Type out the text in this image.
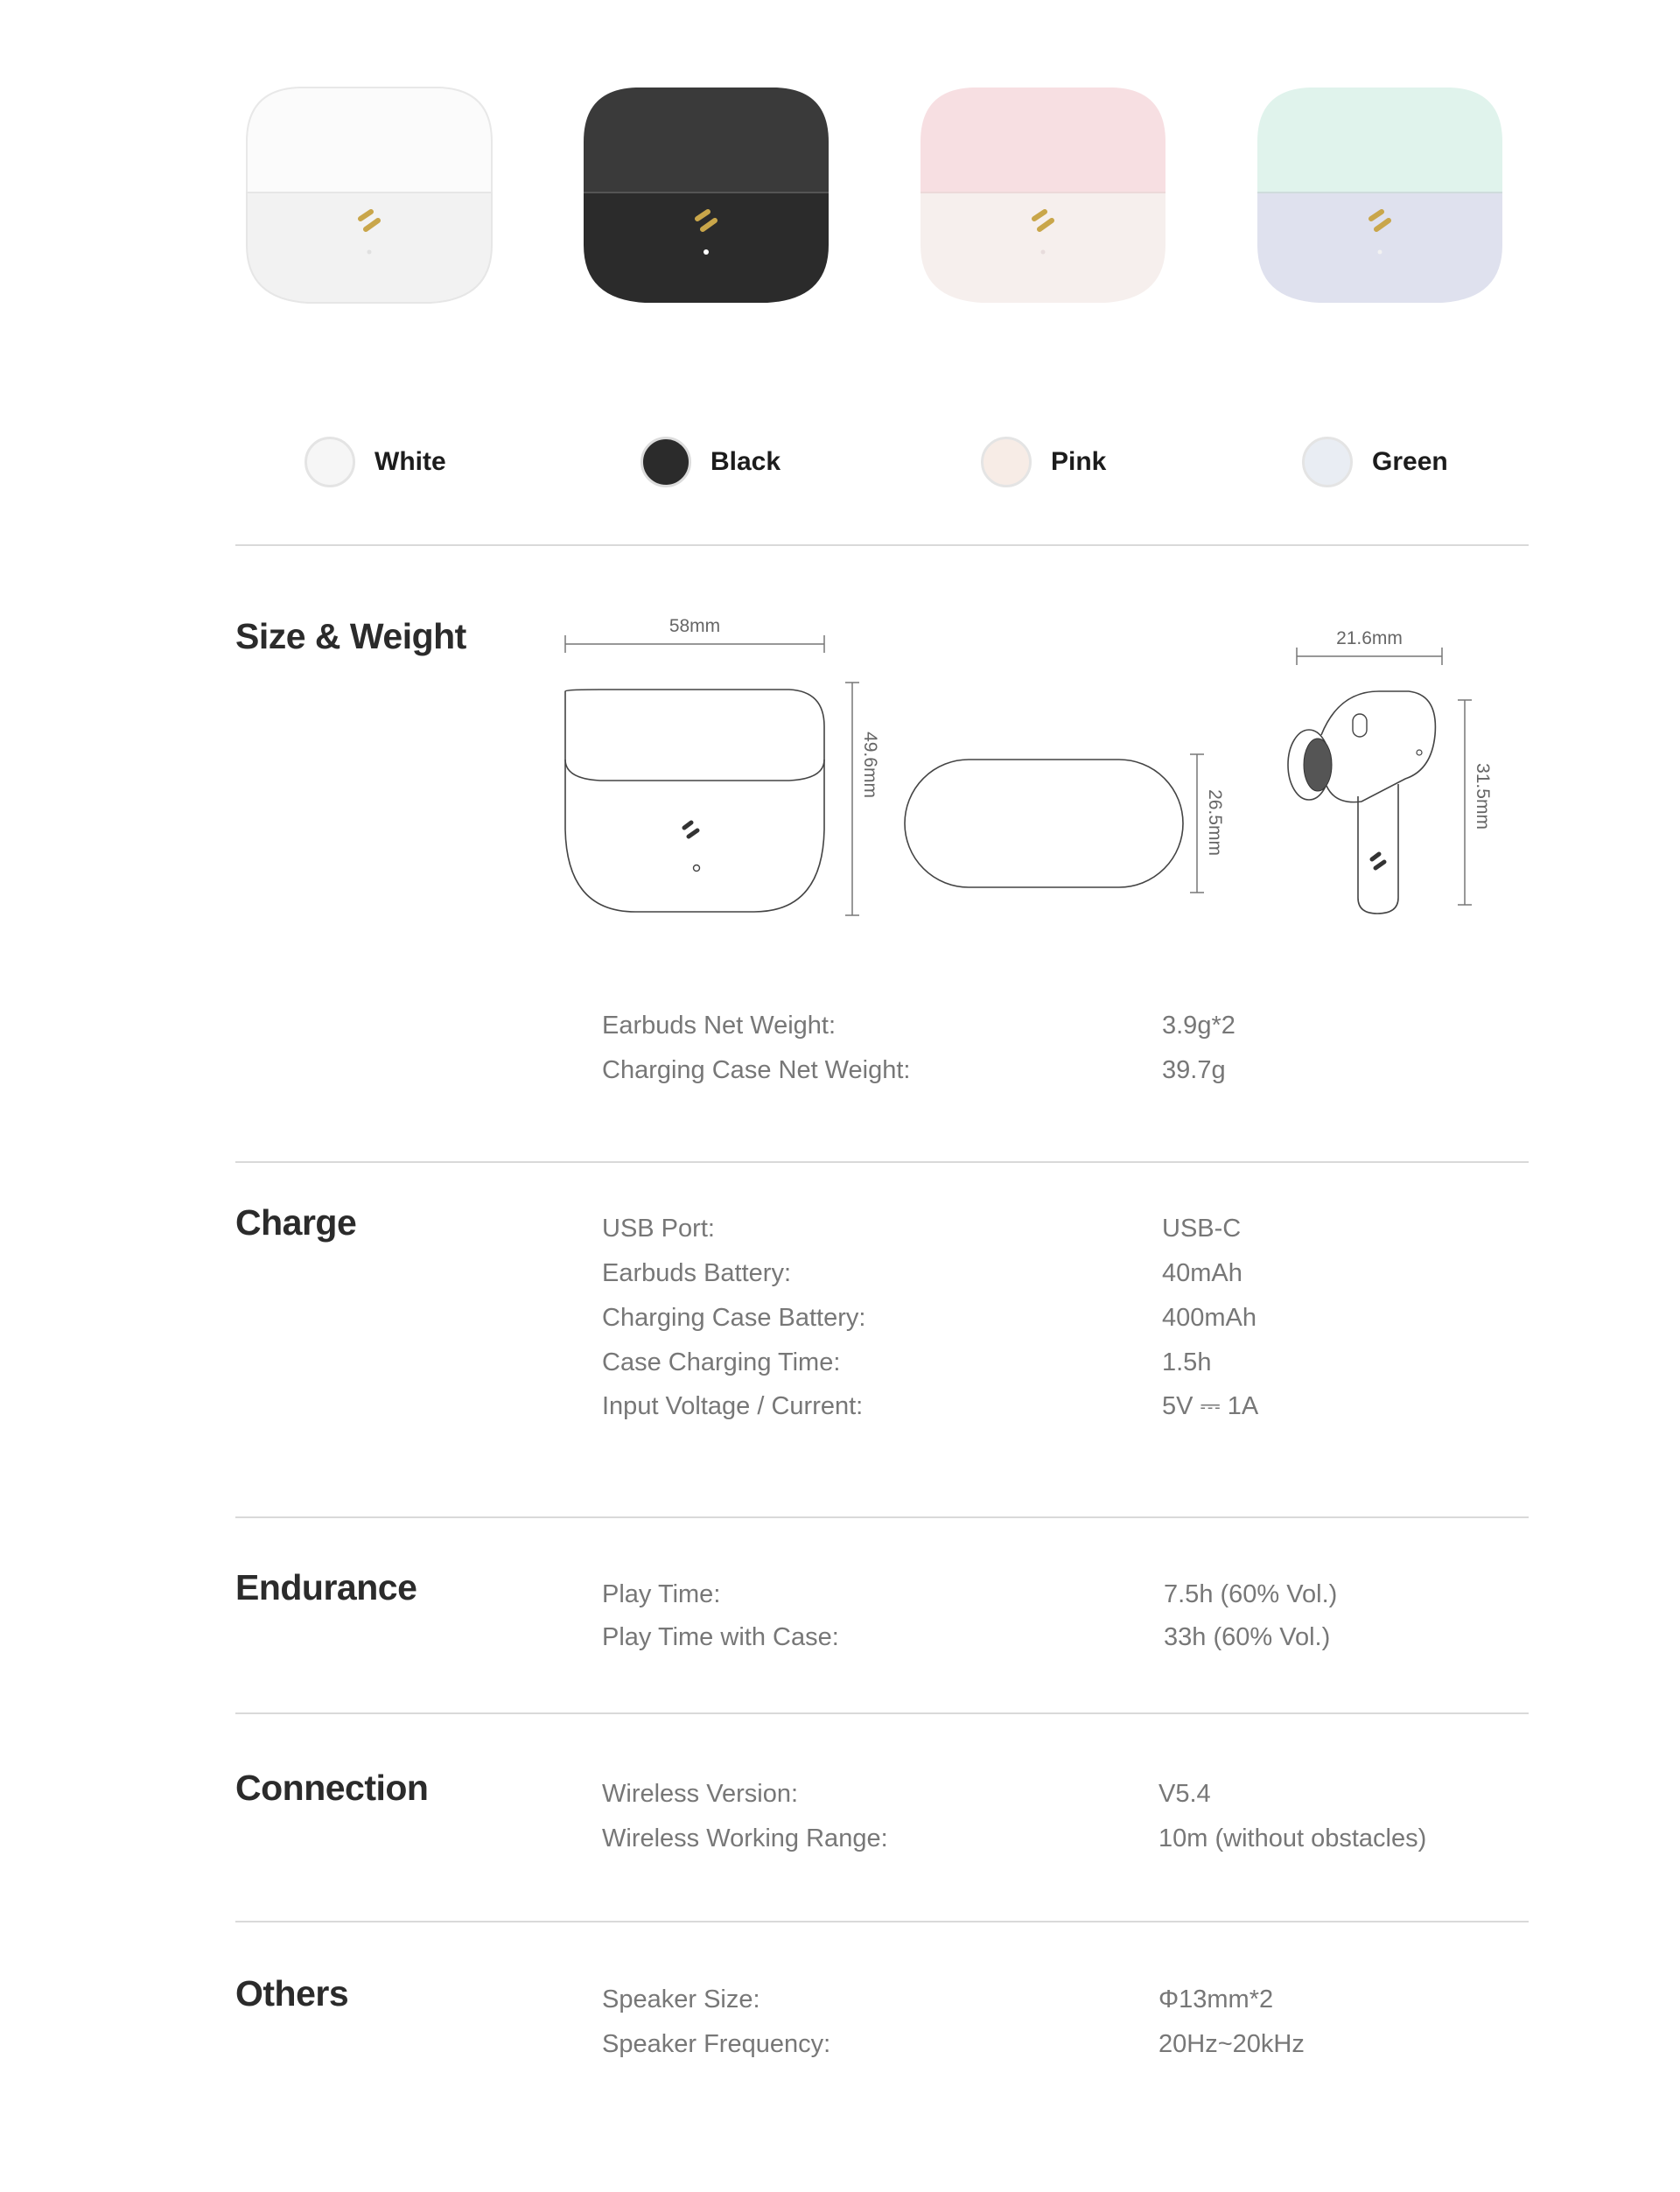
White	Black	Pink	Green
Size & Weight	58mm
49.6mm
26.5mm
21.6mm
31.5mm
Earbuds Net Weight:	3.9g*2
Charging Case Net Weight:	39.7g
Charge	USB Port:	USB-C
Earbuds Battery:	40mAh
Charging Case Battery:	400mAh
Case Charging Time:	1.5h
Input Voltage / Current:	5V ⎓ 1A
Endurance	Play Time:	7.5h (60% Vol.)
Play Time with Case:	33h (60% Vol.)
Connection	Wireless Version:	V5.4
Wireless Working Range:	10m (without obstacles)
Others	Speaker Size:	Φ13mm*2
Speaker Frequency:	20Hz~20kHz
